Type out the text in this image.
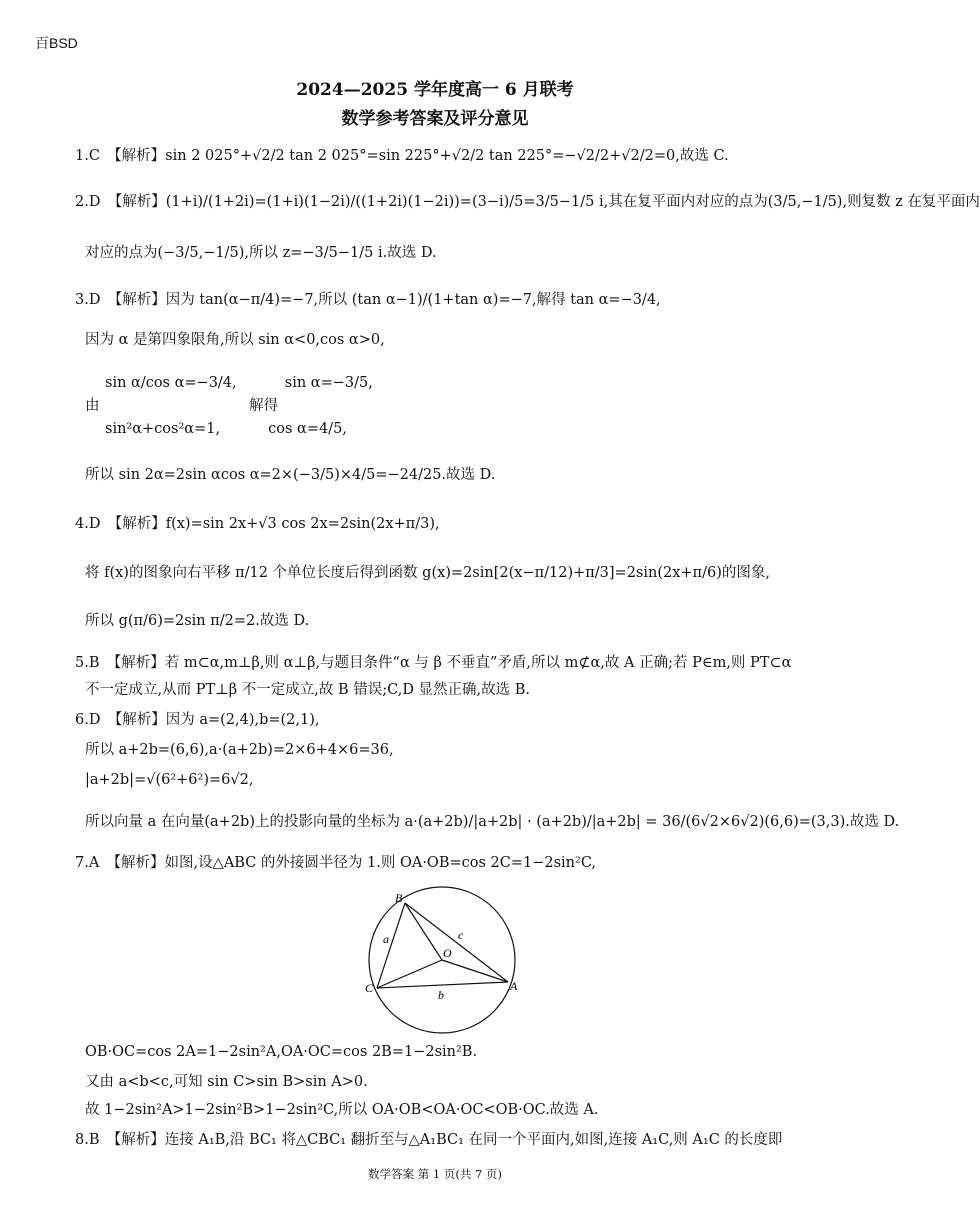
百BSD
2024—2025 学年度高一 6 月联考
数学参考答案及评分意见
1.C　【解析】sin 2 025°+√2/2 tan 2 025°=sin 225°+√2/2 tan 225°=−√2/2+√2/2=0,故选 C.
2.D　【解析】(1+i)/(1+2i)=(1+i)(1−2i)/((1+2i)(1−2i))=(3−i)/5=3/5−1/5 i,其在复平面内对应的点为(3/5,−1/5),则复数 z 在复平面内
对应的点为(−3/5,−1/5),所以 z=−3/5−1/5 i.故选 D.
3.D　【解析】因为 tan(α−π/4)=−7,所以 (tan α−1)/(1+tan α)=−7,解得 tan α=−3/4,
因为 α 是第四象限角,所以 sin α<0,cos α>0,
sin α/cos α=−3/4,　　　 sin α=−3/5,
由　　　　　　　　　　 解得
sin²α+cos²α=1,　　　 cos α=4/5,
所以 sin 2α=2sin αcos α=2×(−3/5)×4/5=−24/25.故选 D.
4.D　【解析】f(x)=sin 2x+√3 cos 2x=2sin(2x+π/3),
将 f(x)的图象向右平移 π/12 个单位长度后得到函数 g(x)=2sin[2(x−π/12)+π/3]=2sin(2x+π/6)的图象,
所以 g(π/6)=2sin π/2=2.故选 D.
5.B　【解析】若 m⊂α,m⊥β,则 α⊥β,与题目条件“α 与 β 不垂直”矛盾,所以 m⊄α,故 A 正确;若 P∈m,则 PT⊂α
不一定成立,从而 PT⊥β 不一定成立,故 B 错误;C,D 显然正确,故选 B.
6.D　【解析】因为 a=(2,4),b=(2,1),
所以 a+2b=(6,6),a·(a+2b)=2×6+4×6=36,
|a+2b|=√(6²+6²)=6√2,
所以向量 a 在向量(a+2b)上的投影向量的坐标为 a·(a+2b)/|a+2b| · (a+2b)/|a+2b| = 36/(6√2×6√2)(6,6)=(3,3).故选 D.
7.A　【解析】如图,设△ABC 的外接圆半径为 1.则 OA·OB=cos 2C=1−2sin²C,
OB·OC=cos 2A=1−2sin²A,OA·OC=cos 2B=1−2sin²B.
又由 a<b<c,可知 sin C>sin B>sin A>0.
故 1−2sin²A>1−2sin²B>1−2sin²C,所以 OA·OB<OA·OC<OB·OC.故选 A.
8.B　【解析】连接 A₁B,沿 BC₁ 将△CBC₁ 翻折至与△A₁BC₁ 在同一个平面内,如图,连接 A₁C,则 A₁C 的长度即
B
C	A
O
a
b
c
数学答案 第 1 页(共 7 页)
